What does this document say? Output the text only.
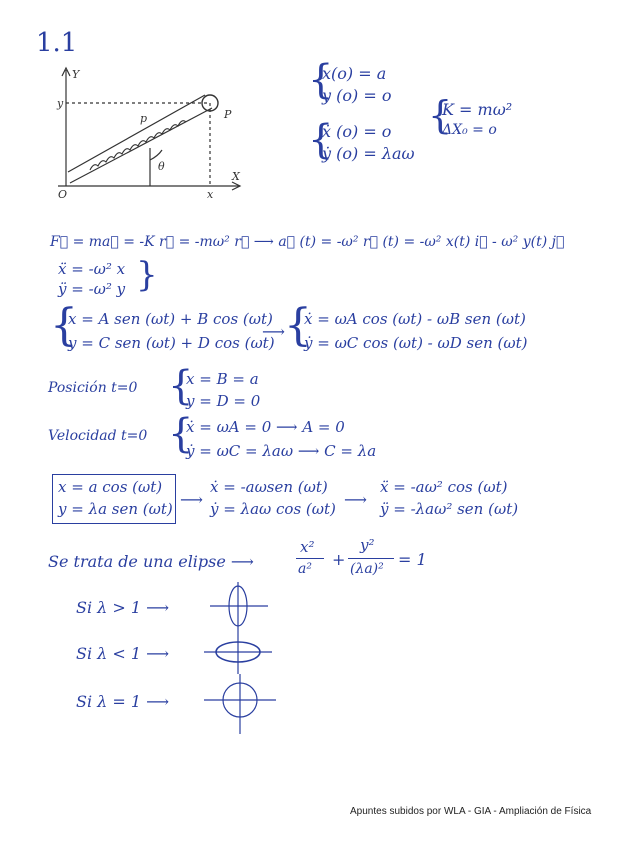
1.1
Y
X
y
x
p	P
θ
O
{
x(o) = a
y (o) = o {
K = mω²
ΔX₀ = o
{
ẋ (o) = o
ẏ (o) = λaω
F⃗ = ma⃗ = -K r⃗ = -mω² r⃗ ⟶ a⃗ (t) = -ω² r⃗ (t) = -ω² x(t) i⃗ - ω² y(t) j⃗
ẍ = -ω² x
ÿ = -ω² y }
{
x = A sen (ωt) + B cos (ωt)
y = C sen (ωt) + D cos (ωt)
⟶ {
ẋ = ωA cos (ωt) - ωB sen (ωt)
ẏ = ωC cos (ωt) - ωD sen (ωt)
Posición t=0 {
x = B = a
y = D = 0
Velocidad t=0 {
ẋ = ωA = 0 ⟶ A = 0
ẏ = ωC = λaω ⟶ C = λa
x = a cos (ωt)
y = λa sen (ωt) ⟶
ẋ = -aωsen (ωt)
ẏ = λaω cos (ωt) ⟶
ẍ = -aω² cos (ωt)
ÿ = -λaω² sen (ωt)
Se trata de una elipse ⟶
x²
a² +
y²
(λa)² = 1
Si λ > 1 ⟶
Si λ < 1 ⟶
Si λ = 1 ⟶
Apuntes subidos por WLA - GIA - Ampliación de Física
